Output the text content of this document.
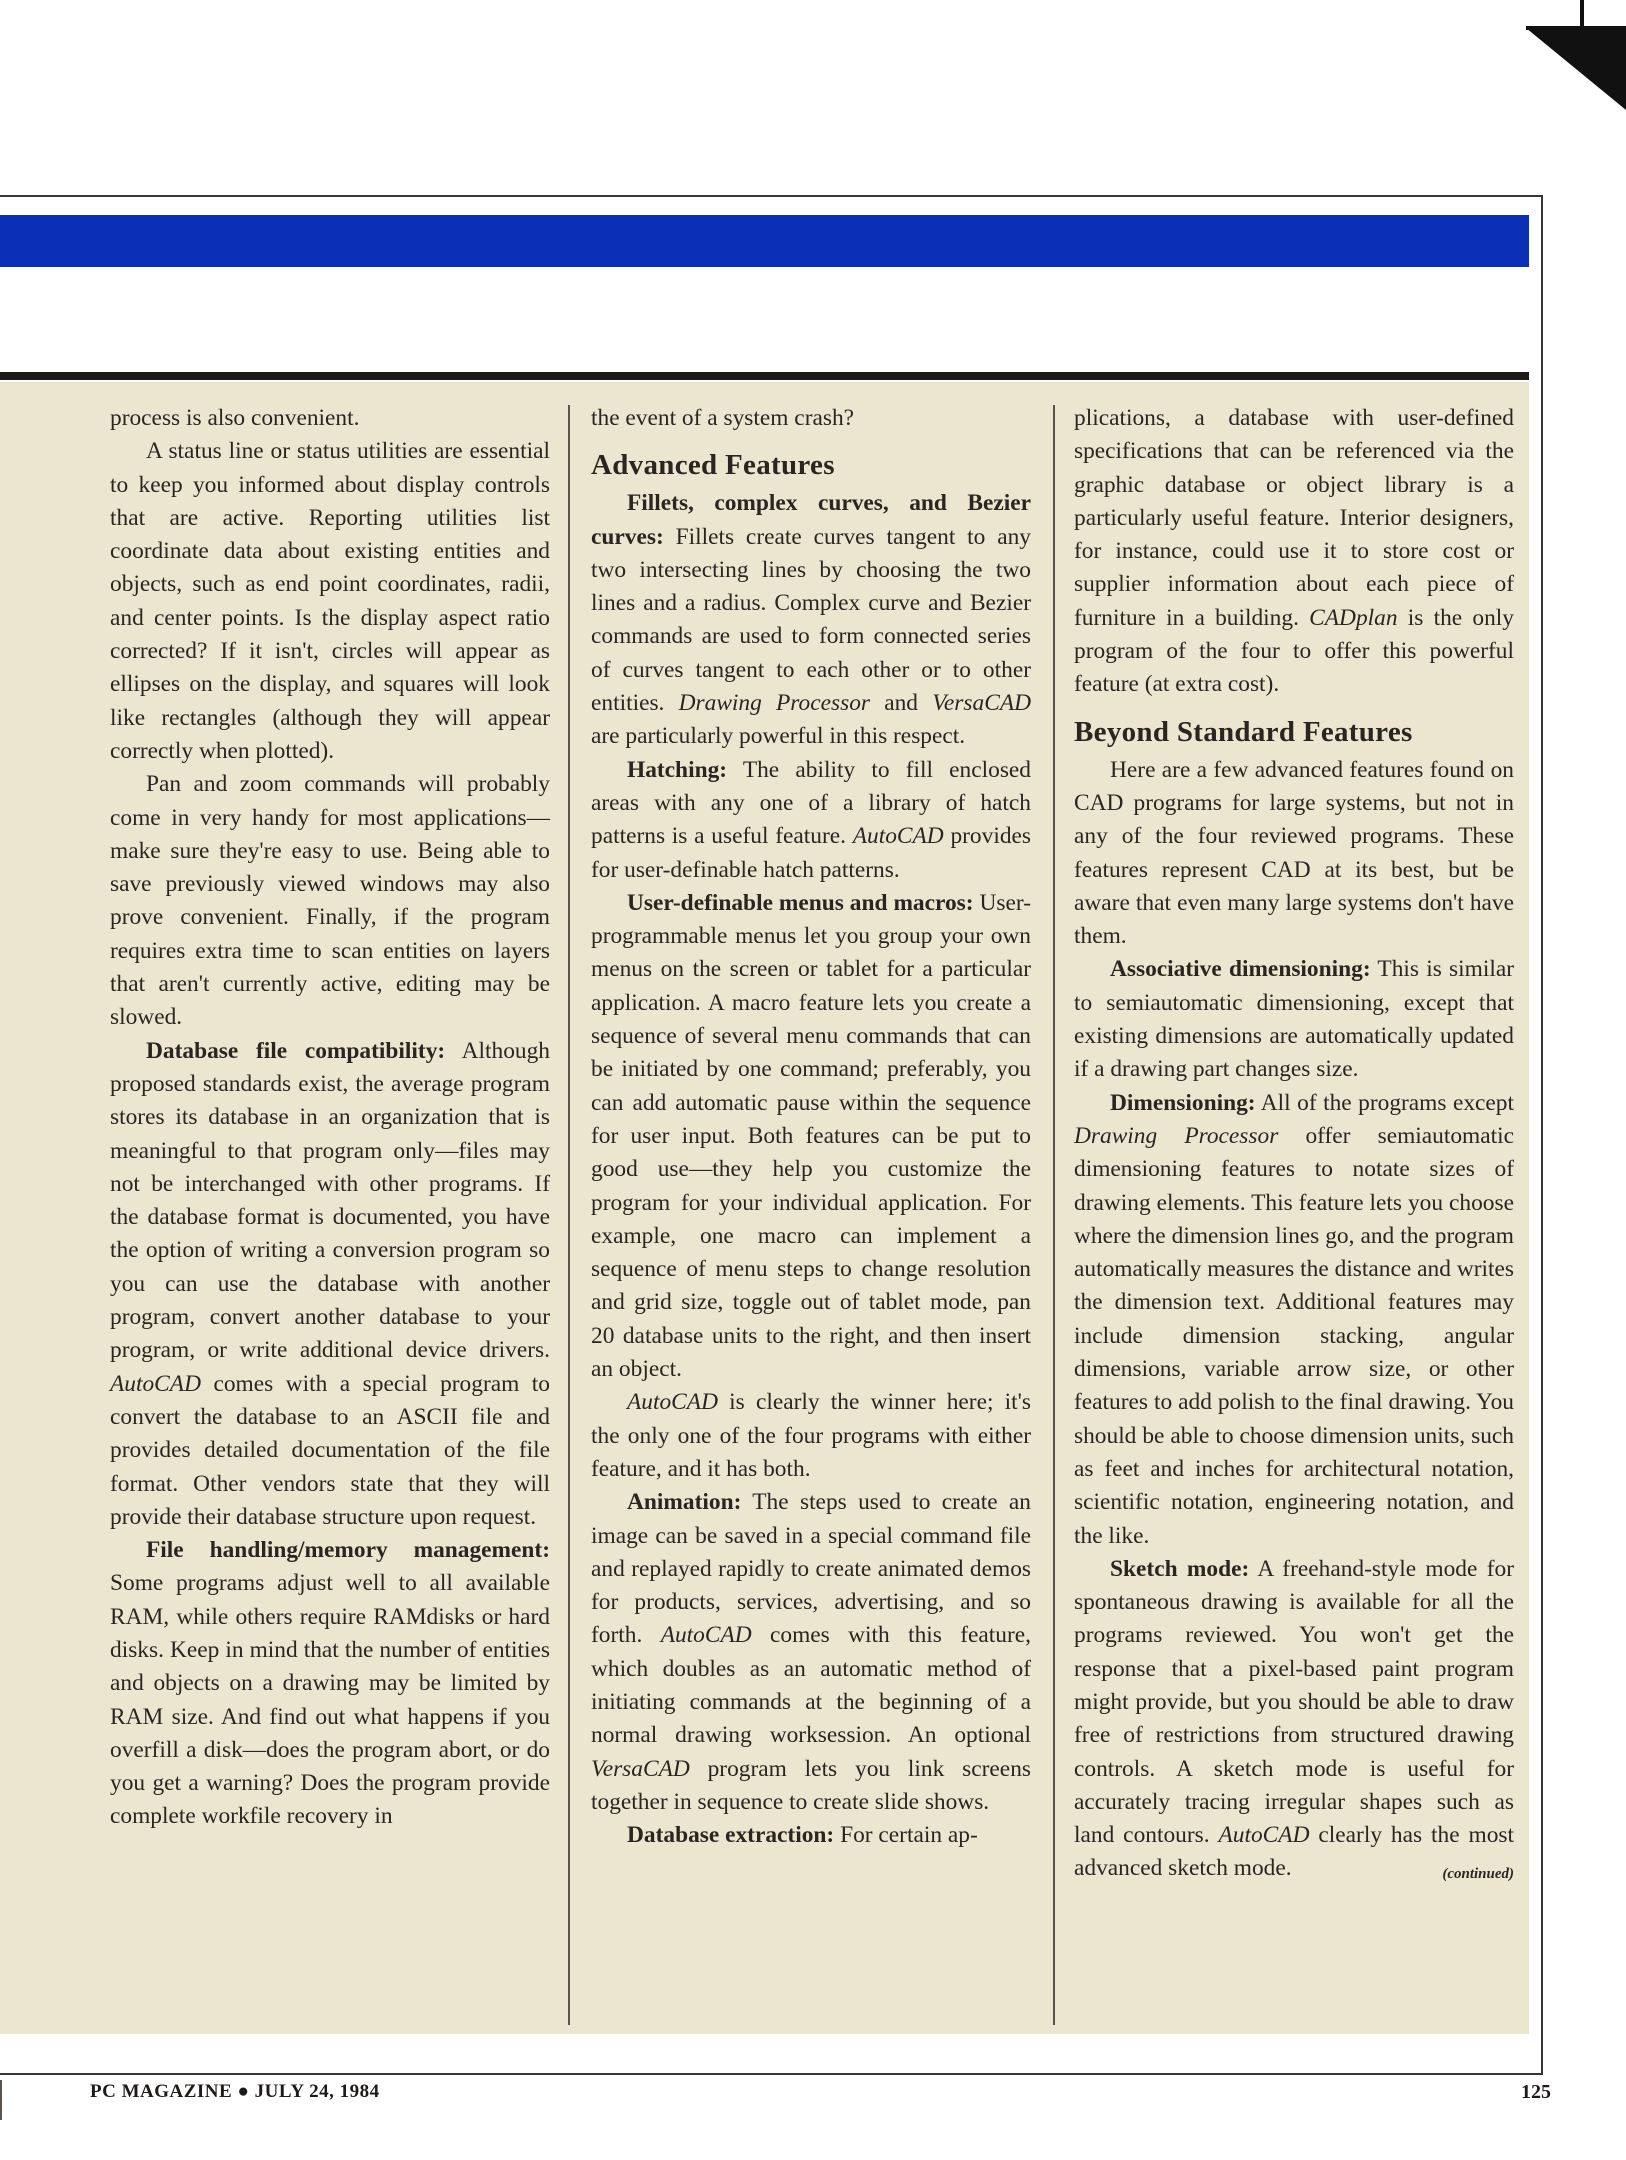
process is also convenient.

A status line or status utilities are essential to keep you informed about display controls that are active. Reporting utilities list coordinate data about existing entities and objects, such as end point coordinates, radii, and center points. Is the display aspect ratio corrected? If it isn't, circles will appear as ellipses on the display, and squares will look like rectangles (although they will appear correctly when plotted).

Pan and zoom commands will probably come in very handy for most applications—make sure they're easy to use. Being able to save previously viewed windows may also prove convenient. Finally, if the program requires extra time to scan entities on layers that aren't currently active, editing may be slowed.

Database file compatibility: Although proposed standards exist, the average program stores its database in an organization that is meaningful to that program only—files may not be interchanged with other programs. If the database format is documented, you have the option of writing a conversion program so you can use the database with another program, convert another database to your program, or write additional device drivers. AutoCAD comes with a special program to convert the database to an ASCII file and provides detailed documentation of the file format. Other vendors state that they will provide their database structure upon request.

File handling/memory management: Some programs adjust well to all available RAM, while others require RAMdisks or hard disks. Keep in mind that the number of entities and objects on a drawing may be limited by RAM size. And find out what happens if you overfill a disk—does the program abort, or do you get a warning? Does the program provide complete workfile recovery in

the event of a system crash?

Advanced Features

Fillets, complex curves, and Bezier curves: Fillets create curves tangent to any two intersecting lines by choosing the two lines and a radius. Complex curve and Bezier commands are used to form connected series of curves tangent to each other or to other entities. Drawing Processor and VersaCAD are particularly powerful in this respect.

Hatching: The ability to fill enclosed areas with any one of a library of hatch patterns is a useful feature. AutoCAD provides for user-definable hatch patterns.

User-definable menus and macros: User-programmable menus let you group your own menus on the screen or tablet for a particular application. A macro feature lets you create a sequence of several menu commands that can be initiated by one command; preferably, you can add automatic pause within the sequence for user input. Both features can be put to good use—they help you customize the program for your individual application. For example, one macro can implement a sequence of menu steps to change resolution and grid size, toggle out of tablet mode, pan 20 database units to the right, and then insert an object.

AutoCAD is clearly the winner here; it's the only one of the four programs with either feature, and it has both.

Animation: The steps used to create an image can be saved in a special command file and replayed rapidly to create animated demos for products, services, advertising, and so forth. AutoCAD comes with this feature, which doubles as an automatic method of initiating commands at the beginning of a normal drawing worksession. An optional VersaCAD program lets you link screens together in sequence to create slide shows.

Database extraction: For certain ap-

plications, a database with user-defined specifications that can be referenced via the graphic database or object library is a particularly useful feature. Interior designers, for instance, could use it to store cost or supplier information about each piece of furniture in a building. CADplan is the only program of the four to offer this powerful feature (at extra cost).

Beyond Standard Features

Here are a few advanced features found on CAD programs for large systems, but not in any of the four reviewed programs. These features represent CAD at its best, but be aware that even many large systems don't have them.

Associative dimensioning: This is similar to semiautomatic dimensioning, except that existing dimensions are automatically updated if a drawing part changes size.

Dimensioning: All of the programs except Drawing Processor offer semiautomatic dimensioning features to notate sizes of drawing elements. This feature lets you choose where the dimension lines go, and the program automatically measures the distance and writes the dimension text. Additional features may include dimension stacking, angular dimensions, variable arrow size, or other features to add polish to the final drawing. You should be able to choose dimension units, such as feet and inches for architectural notation, scientific notation, engineering notation, and the like.

Sketch mode: A freehand-style mode for spontaneous drawing is available for all the programs reviewed. You won't get the response that a pixel-based paint program might provide, but you should be able to draw free of restrictions from structured drawing controls. A sketch mode is useful for accurately tracing irregular shapes such as land contours. AutoCAD clearly has the most advanced sketch mode.	(continued)

PC MAGAZINE ● JULY 24, 1984	125
